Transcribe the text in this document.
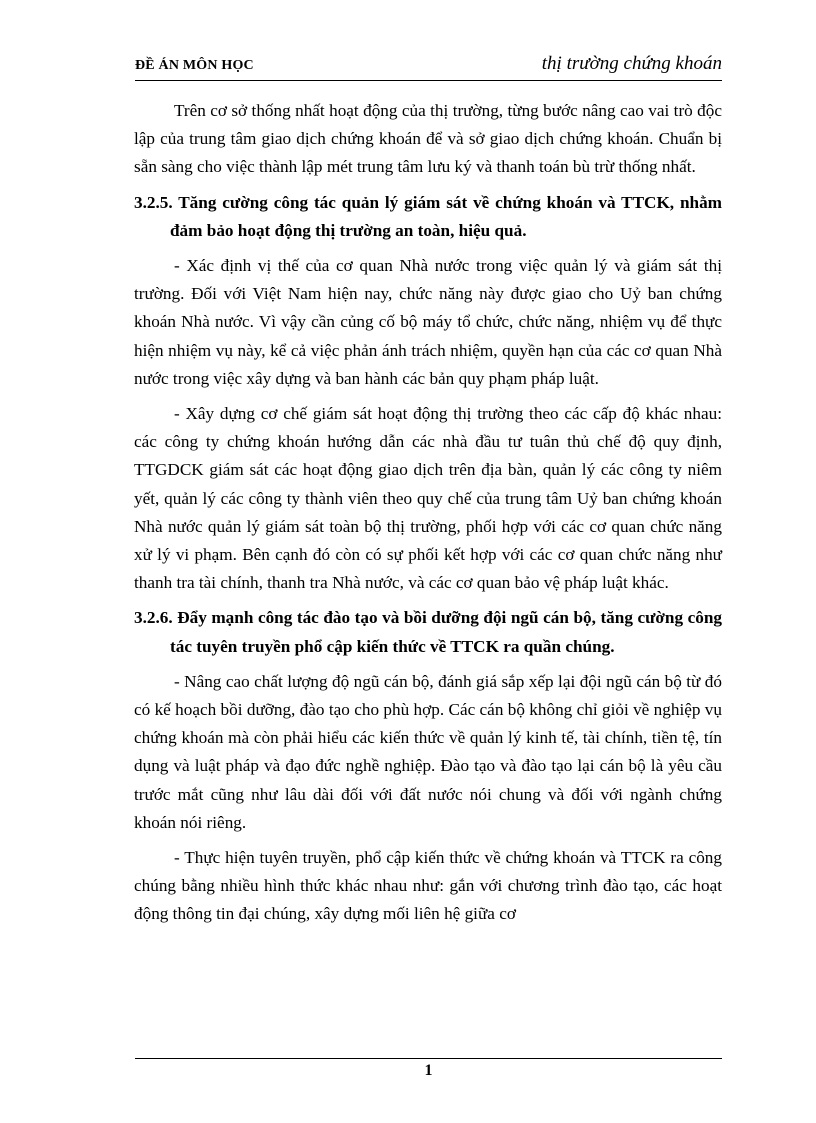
ĐỀ ÁN MÔN HỌC	thị trường chứng khoán

Trên cơ sở thống nhất hoạt động của thị trường, từng bước nâng cao vai trò độc lập của trung tâm giao dịch chứng khoán để và sở giao dịch chứng khoán. Chuẩn bị sẵn sàng cho việc thành lập mét trung tâm lưu ký và thanh toán bù trừ thống nhất.

3.2.5. Tăng cường công tác quản lý giám sát về chứng khoán và TTCK, nhằm đảm bảo hoạt động thị trường an toàn, hiệu quả.

- Xác định vị thế của cơ quan Nhà nước trong việc quản lý và giám sát thị trường. Đối với Việt Nam hiện nay, chức năng này được giao cho Uỷ ban chứng khoán Nhà nước. Vì vậy cần củng cố bộ máy tổ chức, chức năng, nhiệm vụ để thực hiện nhiệm vụ này, kể cả việc phản ánh trách nhiệm, quyền hạn của các cơ quan Nhà nước trong việc xây dựng và ban hành các bản quy phạm pháp luật.

- Xây dựng cơ chế giám sát hoạt động thị trường theo các cấp độ khác nhau: các công ty chứng khoán hướng dẫn các nhà đầu tư tuân thủ chế độ quy định, TTGDCK giám sát các hoạt động giao dịch trên địa bàn, quản lý các công ty niêm yết, quản lý các công ty thành viên theo quy chế của trung tâm Uỷ ban chứng khoán Nhà nước quản lý giám sát toàn bộ thị trường, phối hợp với các cơ quan chức năng xử lý vi phạm. Bên cạnh đó còn có sự phối kết hợp với các cơ quan chức năng như thanh tra tài chính, thanh tra Nhà nước, và các cơ quan bảo vệ pháp luật khác.

3.2.6. Đẩy mạnh công tác đào tạo và bồi dưỡng đội ngũ cán bộ, tăng cường công tác tuyên truyền phổ cập kiến thức về TTCK ra quần chúng.

- Nâng cao chất lượng độ ngũ cán bộ, đánh giá sắp xếp lại đội ngũ cán bộ từ đó có kế hoạch bồi dưỡng, đào tạo cho phù hợp. Các cán bộ không chỉ giỏi về nghiệp vụ chứng khoán mà còn phải hiểu các kiến thức về quản lý kinh tế, tài chính, tiền tệ, tín dụng và luật pháp và đạo đức nghề nghiệp. Đào tạo và đào tạo lại cán bộ là yêu cầu trước mắt cũng như lâu dài đối với đất nước nói chung và đối với ngành chứng khoán nói riêng.

- Thực hiện tuyên truyền, phổ cập kiến thức về chứng khoán và TTCK ra công chúng bằng nhiều hình thức khác nhau như: gắn với chương trình đào tạo, các hoạt động thông tin đại chúng, xây dựng mối liên hệ giữa cơ

1
